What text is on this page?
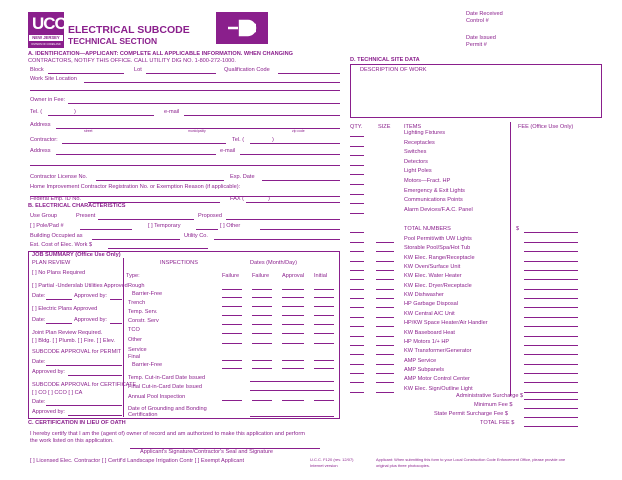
UCC
NEW JERSEY
DIVISION OF CODES AND STANDARDS
ELECTRICAL SUBCODE
TECHNICAL SECTION
Date Received
Control #
Date Issued
Permit #
A. IDENTIFICATION—APPLICANT: COMPLETE ALL APPLICABLE INFORMATION. WHEN CHANGING
CONTRACTORS, NOTIFY THIS OFFICE. CALL UTILITY DIG NO. 1-800-272-1000.
Block	Lot	Qualification Code
Work Site Location
Owner in Fee:
Tel. (	)	e-mail
Address
street	municipality	zip code
Contractor:	Tel. (	)
Address	e-mail
Contractor License No.	Exp. Date
Home Improvement Contractor Registration No. or Exemption Reason (if applicable):
Federal Emp. ID No.	FAX (	)
B. ELECTRICAL CHARACTERISTICS
Use Group	Present	Proposed
[ ] Pole/Pad #	[ ] Temporary	[ ] Other
Building Occupied as	Utility Co.
Est. Cost of Elec. Work $
JOB SUMMARY (Office Use Only)
PLAN REVIEW
[ ] No Plans Required
[ ] Partial -Underslab Utilities Approved
Date:	Approved by:
[ ] Electric Plans Approved
Date:	Approved by:
Joint Plan Review Required.
[ ] Bldg. [ ] Plumb. [ ] Fire. [ ] Elev.
SUBCODE APPROVAL for PERMIT
Date:
Approved by:
SUBCODE APPROVAL for CERTIFICATE
[ ] CO [ ] CCO [ ] CA
Date:
Approved by:
INSPECTIONS	Dates (Month/Day)
Type:	Failure Failure Approval Initial
Rough
Barrier-Free
Trench
Temp. Serv.
Constr. Serv
TCO
Other
Service
Final
Barrier-Free
Temp. Cut-in-Card Date Issued
Final Cut-in-Card Date Issued
Annual Pool Inspection
Date of Grounding and Bonding
Certification
C. CERTIFICATION IN LIEU OF OATH
I hereby certify that I am the (agent of) owner of record and am authorized to make this application and perform
the work listed on this application.
Applicant's Signature/Contractor's Seal and Signature
[ ] Licensed Elec. Contractor [ ] Certif'd Landscape Irrigation Contr [ ] Exempt Applicant	U.C.C. F120 (rev. 12/07)
Internet version
Applicant: When submitting this form to your Local Construction Code Enforcement Office, please provide one
original plus three photocopies.
D. TECHNICAL SITE DATA
DESCRIPTION OF WORK
QTY.	SIZE ITEMS	FEE (Office Use Only)
Lighting Fixtures
Receptacles
Switches
Detectors
Light Poles
Motors—Fract. HP
Emergency & Exit Lights
Communications Points
Alarm Devices/F.A.C. Panel
TOTAL NUMBERS	$
Pool Permit/with UW Lights
Storable Pool/Spa/Hot Tub
KW Elec. Range/Receptacle
KW Oven/Surface Unit
KW Elec. Water Heater
KW Elec. Dryer/Receptacle
KW Dishwasher
HP Garbage Disposal
KW Central A/C Unit
HP/KW Space Heater/Air Handler
KW Baseboard Heat
HP Motors 1/+ HP
KW Transformer/Generator
AMP Service
AMP Subpanels
AMP Motor Control Center
KW Elec. Sign/Outline Light
Administrative Surcharge $
Minimum Fee $
State Permit Surcharge Fee $
TOTAL FEE $
